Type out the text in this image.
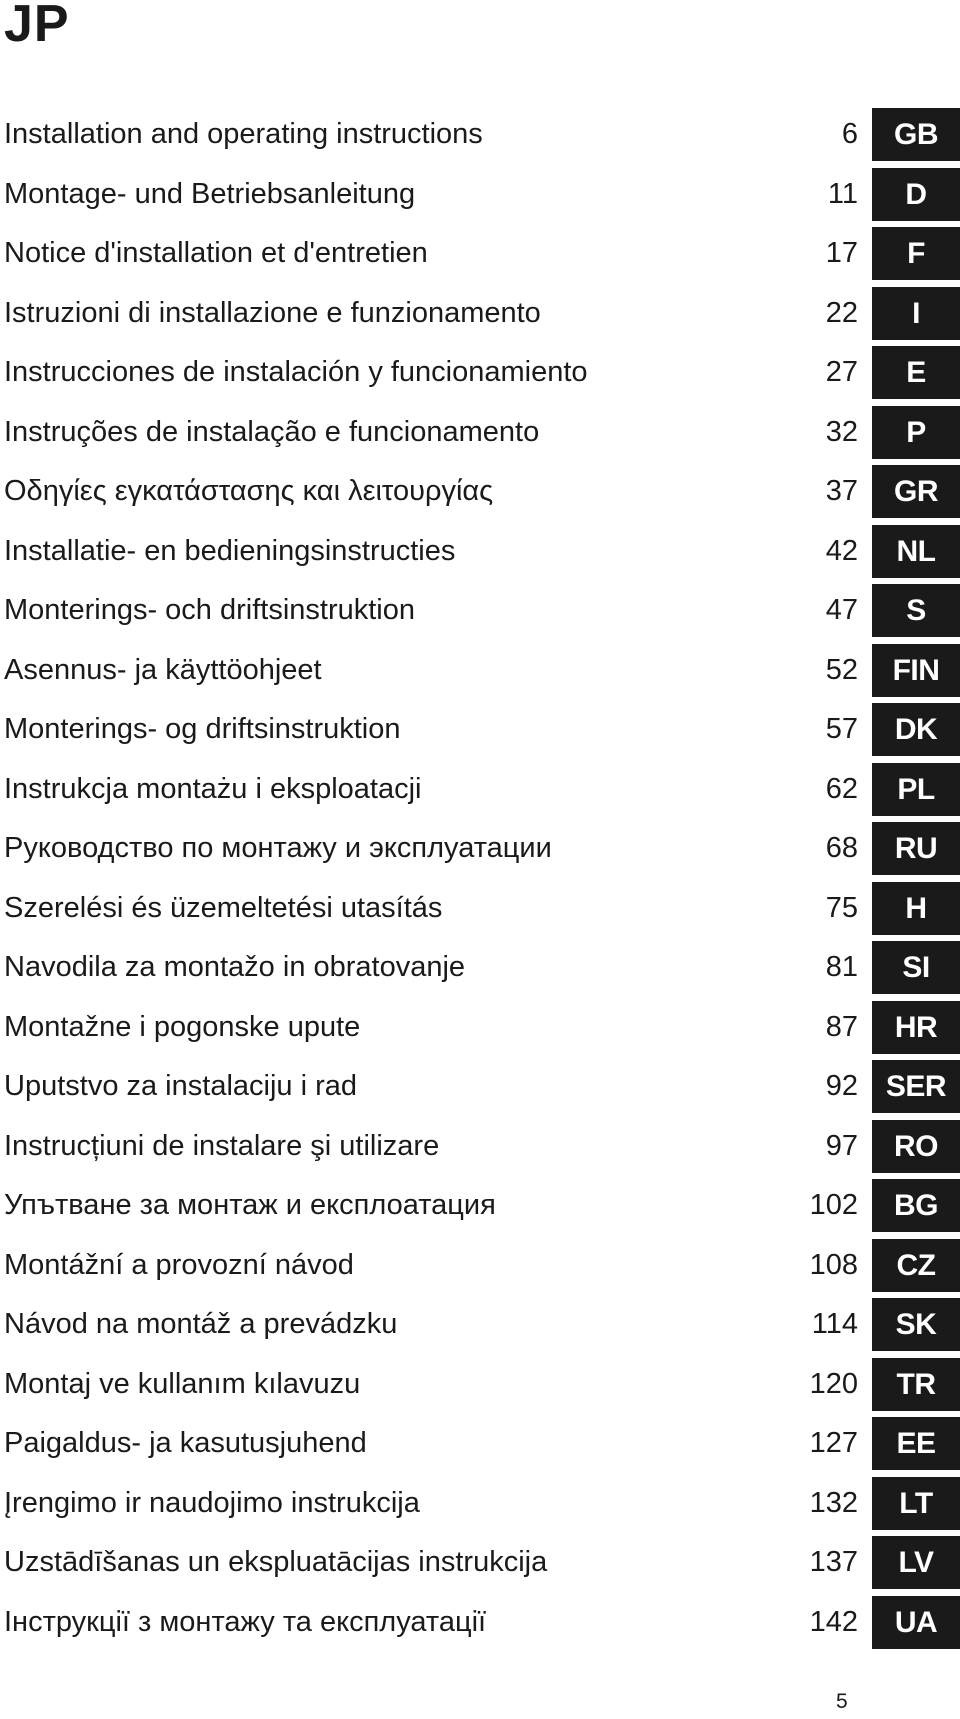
JP
Installation and operating instructions	6	GB
Montage- und Betriebsanleitung	11	D
Notice d'installation et d'entretien	17	F
Istruzioni di installazione e funzionamento	22	I
Instrucciones de instalación y funcionamiento	27	E
Instruções de instalação e funcionamento	32	P
Οδηγίες εγκατάστασης και λειτουργίας	37	GR
Installatie- en bedieningsinstructies	42	NL
Monterings- och driftsinstruktion	47	S
Asennus- ja käyttöohjeet	52	FIN
Monterings- og driftsinstruktion	57	DK
Instrukcja montażu i eksploatacji	62	PL
Руководство по монтажу и эксплуатации	68	RU
Szerelési és üzemeltetési utasítás	75	H
Navodila za montažo in obratovanje	81	SI
Montažne i pogonske upute	87	HR
Uputstvo za instalaciju i rad	92 SER
Instrucțiuni de instalare şi utilizare	97	RO
Упътване за монтаж и експлоатация	102	BG
Montážní a provozní návod	108	CZ
Návod na montáž a prevádzku	114	SK
Montaj ve kullanım kılavuzu	120	TR
Paigaldus- ja kasutusjuhend	127	EE
Įrengimo ir naudojimo instrukcija	132	LT
Uzstādīšanas un ekspluatācijas instrukcija	137	LV
Інструкції з монтажу та експлуатації	142	UA
5
